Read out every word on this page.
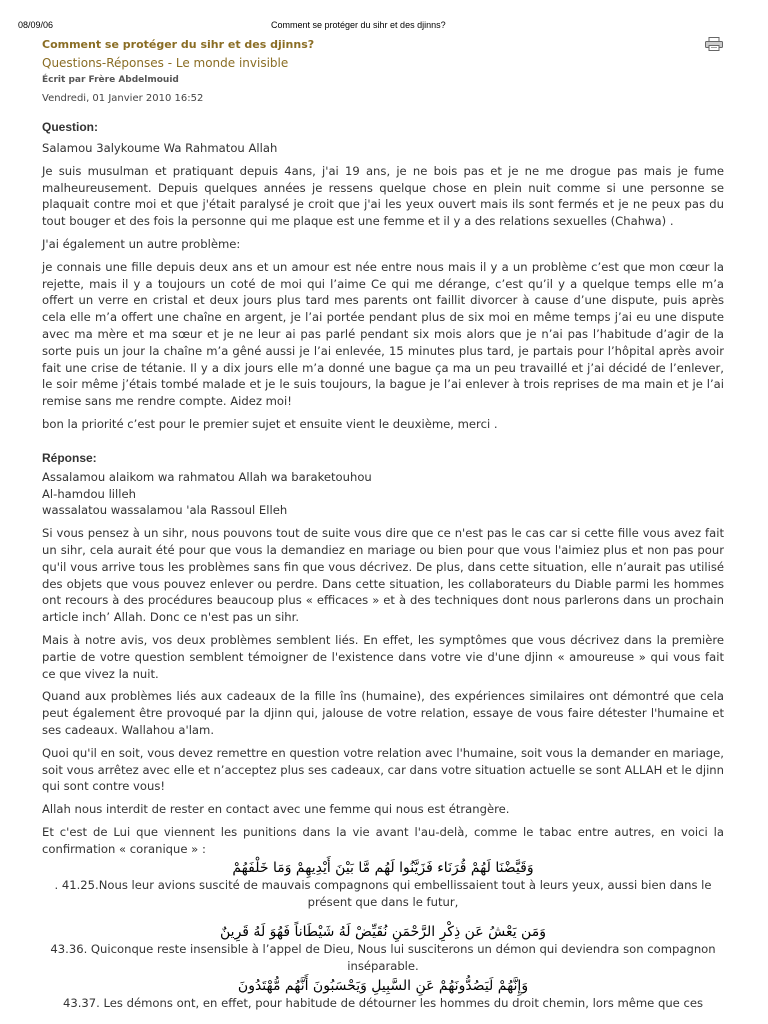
08/09/06	Comment se protéger du sihr et des djinns?
Comment se protéger du sihr et des djinns?
Questions-Réponses - Le monde invisible
Écrit par Frère Abdelmouid
Vendredi, 01 Janvier 2010 16:52
Question:

Salamou 3alykoume Wa Rahmatou Allah

Je suis musulman et pratiquant depuis 4ans, j'ai 19 ans, je ne bois pas et je ne me drogue pas mais je fume malheureusement. Depuis quelques années je ressens quelque chose en plein nuit comme si une personne se plaquait contre moi et que j'était paralysé je croit que j'ai les yeux ouvert mais ils sont fermés et je ne peux pas du tout bouger et des fois la personne qui me plaque est une femme et il y a des relations sexuelles (Chahwa) .

J'ai également un autre problème:

je connais une fille depuis deux ans et un amour est née entre nous mais il y a un problème c’est que mon cœur la rejette, mais il y a toujours un coté de moi qui l’aime Ce qui me dérange, c’est qu’il y a quelque temps elle m’a offert un verre en cristal et deux jours plus tard mes parents ont faillit divorcer à cause d’une dispute, puis après cela elle m’a offert une chaîne en argent, je l’ai portée pendant plus de six moi en même temps j’ai eu une dispute avec ma mère et ma sœur et je ne leur ai pas parlé pendant six mois alors que je n’ai pas l’habitude d’agir de la sorte puis un jour la chaîne m’a gêné aussi je l’ai enlevée, 15 minutes plus tard, je partais pour l’hôpital après avoir fait une crise de tétanie. Il y a dix jours elle m’a donné une bague ça ma un peu travaillé et j’ai décidé de l’enlever, le soir même j’étais tombé malade et je le suis toujours, la bague je l’ai enlever à trois reprises de ma main et je l’ai remise sans me rendre compte. Aidez moi!

bon la priorité c’est pour le premier sujet et ensuite vient le deuxième, merci .

Réponse:

Assalamou alaikom wa rahmatou Allah wa baraketouhou

Al-hamdou lilleh

wassalatou wassalamou 'ala Rassoul Elleh

Si vous pensez à un sihr, nous pouvons tout de suite vous dire que ce n'est pas le cas car si cette fille vous avez fait un sihr, cela aurait été pour que vous la demandiez en mariage ou bien pour que vous l'aimiez plus et non pas pour qu'il vous arrive tous les problèmes sans fin que vous décrivez. De plus, dans cette situation, elle n’aurait pas utilisé des objets que vous pouvez enlever ou perdre. Dans cette situation, les collaborateurs du Diable parmi les hommes ont recours à des procédures beaucoup plus « efficaces » et à des techniques dont nous parlerons dans un prochain article inch’ Allah. Donc ce n'est pas un sihr.

Mais à notre avis, vos deux problèmes semblent liés. En effet, les symptômes que vous décrivez dans la première partie de votre question semblent témoigner de l'existence dans votre vie d'une djinn « amoureuse » qui vous fait ce que vivez la nuit.

Quand aux problèmes liés aux cadeaux de la fille îns (humaine), des expériences similaires ont démontré que cela peut également être provoqué par la djinn qui, jalouse de votre relation, essaye de vous faire détester l'humaine et ses cadeaux. Wallahou a'lam.

Quoi qu'il en soit, vous devez remettre en question votre relation avec l'humaine, soit vous la demander en mariage, soit vous arrêtez avec elle et n’acceptez plus ses cadeaux, car dans votre situation actuelle se sont ALLAH et le djinn qui sont contre vous!

Allah nous interdit de rester en contact avec une femme qui nous est étrangère.

Et c'est de Lui que viennent les punitions dans la vie avant l'au-delà, comme le tabac entre autres, en voici la confirmation « coranique » :

وَقَيَّضْنَا لَهُمْ قُرَنَاء فَزَيَّنُوا لَهُم مَّا بَيْنَ أَيْدِيهِمْ وَمَا خَلْفَهُمْ
. 41.25.Nous leur avions suscité de mauvais compagnons qui embellissaient tout à leurs yeux, aussi bien dans le présent que dans le futur,
وَمَن يَعْشُ عَن ذِكْرِ الرَّحْمَنِ نُقَيِّضْ لَهُ شَيْطَاناً فَهُوَ لَهُ قَرِينٌ
43.36. Quiconque reste insensible à l’appel de Dieu, Nous lui susciterons un démon qui deviendra son compagnon inséparable.
وَإِنَّهُمْ لَيَصُدُّونَهُمْ عَنِ السَّبِيلِ وَيَحْسَبُونَ أَنَّهُم مُّهْتَدُونَ
43.37. Les démons ont, en effet, pour habitude de détourner les hommes du droit chemin, lors même que ces
